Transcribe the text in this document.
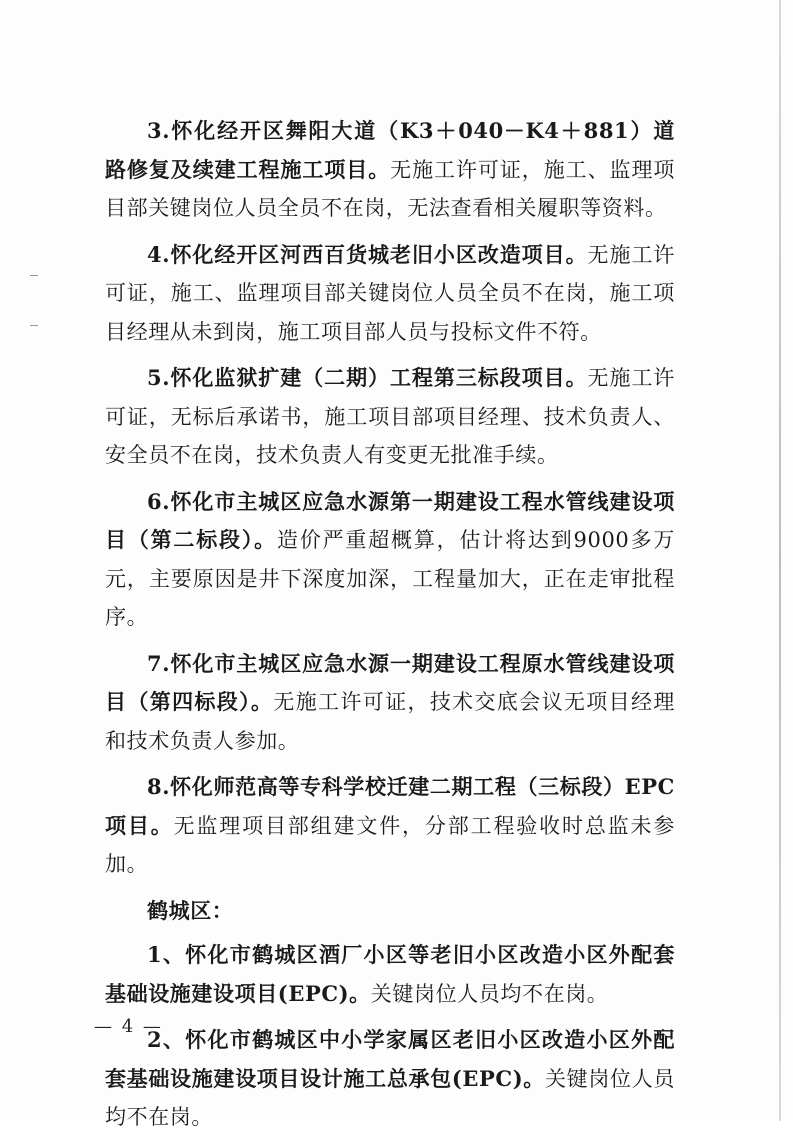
3.怀化经开区舞阳大道（K3＋040－K4＋881）道路修复及续建工程施工项目。无施工许可证，施工、监理项目部关键岗位人员全员不在岗，无法查看相关履职等资料。

4.怀化经开区河西百货城老旧小区改造项目。无施工许可证，施工、监理项目部关键岗位人员全员不在岗，施工项目经理从未到岗，施工项目部人员与投标文件不符。

5.怀化监狱扩建（二期）工程第三标段项目。无施工许可证，无标后承诺书，施工项目部项目经理、技术负责人、安全员不在岗，技术负责人有变更无批准手续。

6.怀化市主城区应急水源第一期建设工程水管线建设项目（第二标段）。造价严重超概算，估计将达到9000多万元，主要原因是井下深度加深，工程量加大，正在走审批程序。

7.怀化市主城区应急水源一期建设工程原水管线建设项目（第四标段）。无施工许可证，技术交底会议无项目经理和技术负责人参加。

8.怀化师范高等专科学校迁建二期工程（三标段）EPC项目。无监理项目部组建文件，分部工程验收时总监未参加。

鹤城区：

1、怀化市鹤城区酒厂小区等老旧小区改造小区外配套基础设施建设项目(EPC)。关键岗位人员均不在岗。

2、怀化市鹤城区中小学家属区老旧小区改造小区外配套基础设施建设项目设计施工总承包(EPC)。关键岗位人员均不在岗。

— 4 —
